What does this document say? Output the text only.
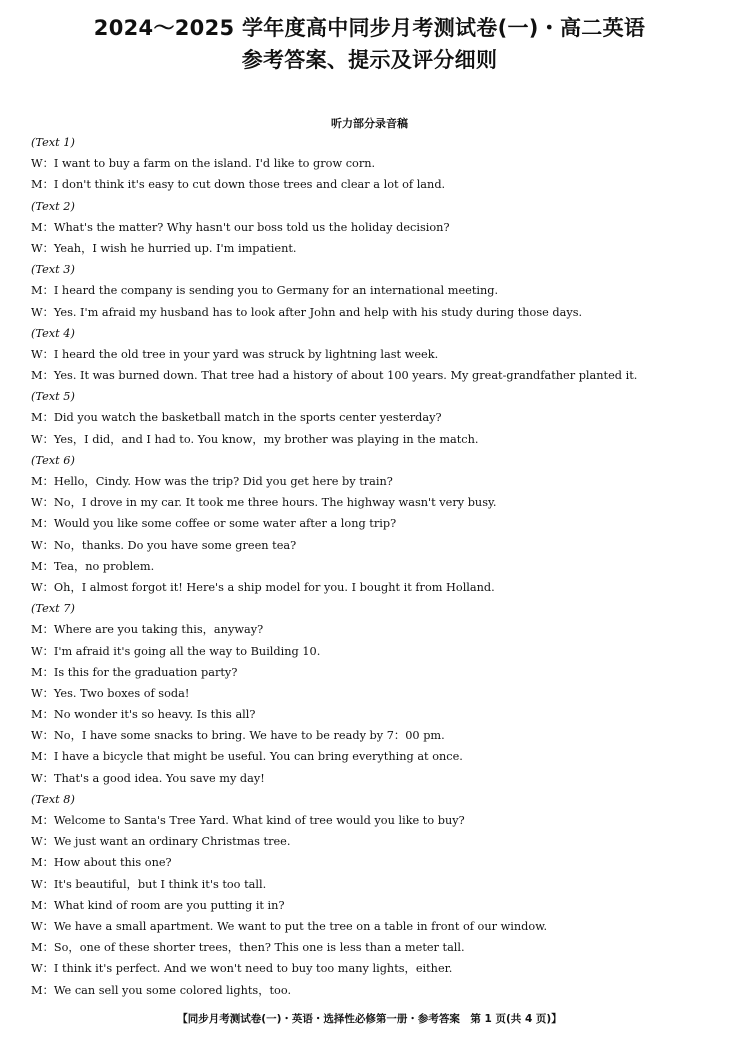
2024～2025 学年度高中同步月考测试卷(一)・高二英语
参考答案、提示及评分细则
听力部分录音稿
(Text 1)
W：I want to buy a farm on the island. I'd like to grow corn.
M：I don't think it's easy to cut down those trees and clear a lot of land.
(Text 2)
M：What's the matter? Why hasn't our boss told us the holiday decision?
W：Yeah，I wish he hurried up. I'm impatient.
(Text 3)
M：I heard the company is sending you to Germany for an international meeting.
W：Yes. I'm afraid my husband has to look after John and help with his study during those days.
(Text 4)
W：I heard the old tree in your yard was struck by lightning last week.
M：Yes. It was burned down. That tree had a history of about 100 years. My great-grandfather planted it.
(Text 5)
M：Did you watch the basketball match in the sports center yesterday?
W：Yes，I did，and I had to. You know，my brother was playing in the match.
(Text 6)
M：Hello，Cindy. How was the trip? Did you get here by train?
W：No，I drove in my car. It took me three hours. The highway wasn't very busy.
M：Would you like some coffee or some water after a long trip?
W：No，thanks. Do you have some green tea?
M：Tea，no problem.
W：Oh，I almost forgot it! Here's a ship model for you. I bought it from Holland.
(Text 7)
M：Where are you taking this，anyway?
W：I'm afraid it's going all the way to Building 10.
M：Is this for the graduation party?
W：Yes. Two boxes of soda!
M：No wonder it's so heavy. Is this all?
W：No，I have some snacks to bring. We have to be ready by 7：00 pm.
M：I have a bicycle that might be useful. You can bring everything at once.
W：That's a good idea. You save my day!
(Text 8)
M：Welcome to Santa's Tree Yard. What kind of tree would you like to buy?
W：We just want an ordinary Christmas tree.
M：How about this one?
W：It's beautiful，but I think it's too tall.
M：What kind of room are you putting it in?
W：We have a small apartment. We want to put the tree on a table in front of our window.
M：So，one of these shorter trees，then? This one is less than a meter tall.
W：I think it's perfect. And we won't need to buy too many lights，either.
M：We can sell you some colored lights，too.
【同步月考测试卷(一)・英语・选择性必修第一册・参考答案　第 1 页(共 4 页)】
